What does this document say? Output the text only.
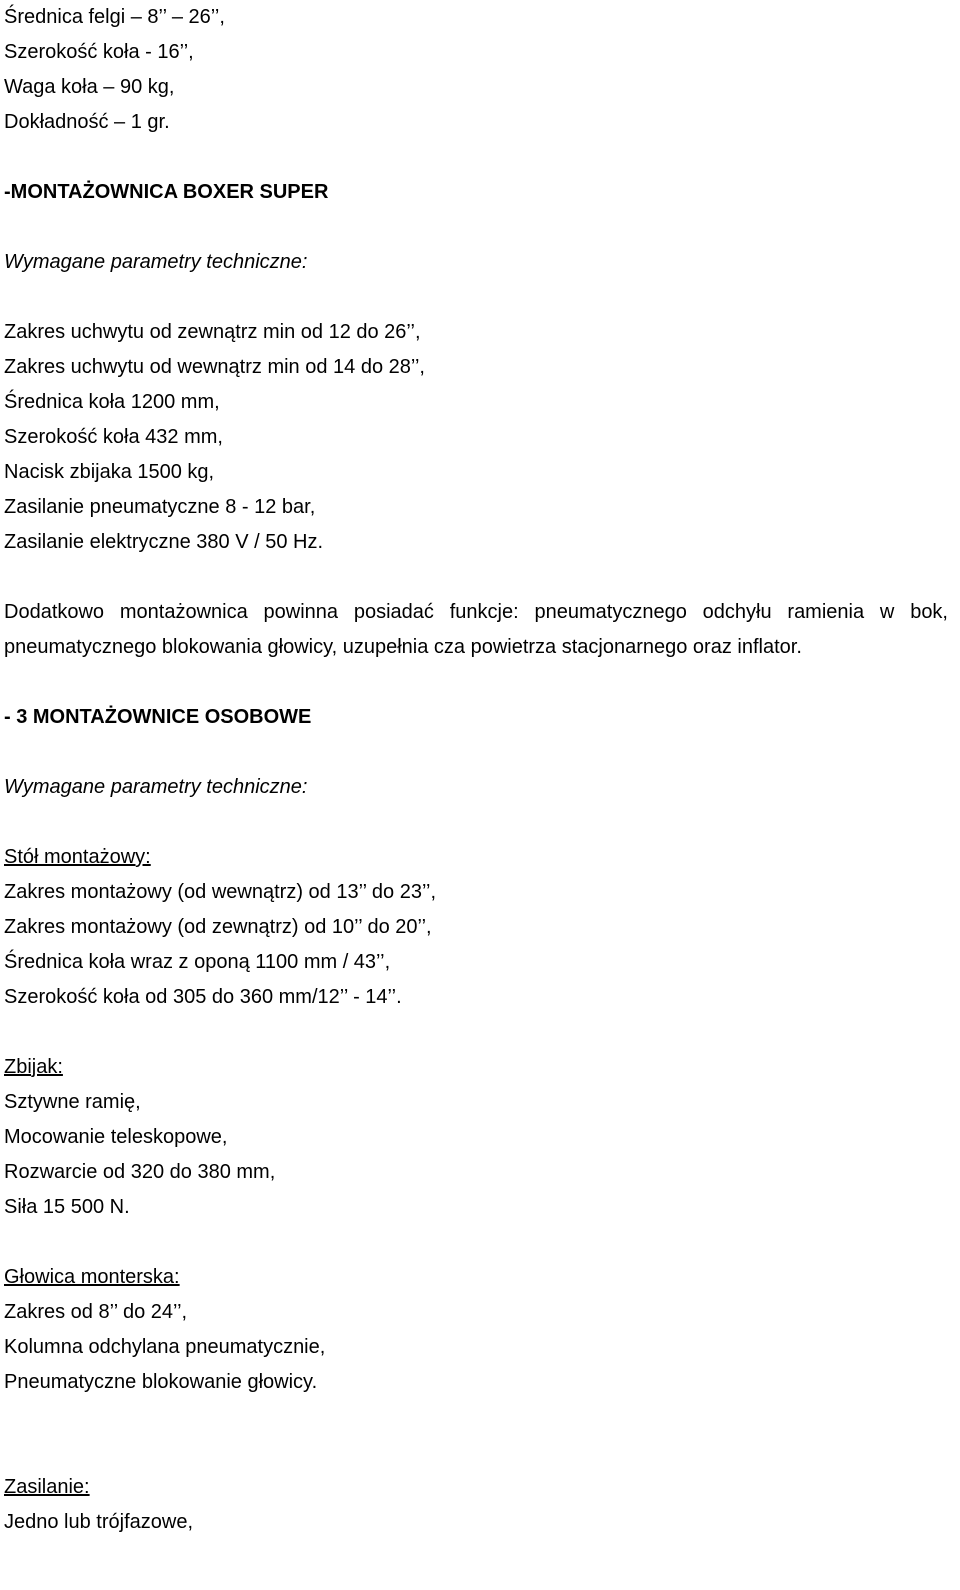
Średnica felgi – 8’’ – 26’’,
Szerokość koła - 16’’,
Waga koła – 90 kg,
Dokładność – 1 gr.
-MONTAŻOWNICA BOXER SUPER
Wymagane parametry techniczne:
Zakres uchwytu od zewnątrz min od 12 do 26’’,
Zakres uchwytu od wewnątrz min od 14 do 28’’,
Średnica koła 1200 mm,
Szerokość koła 432 mm,
Nacisk zbijaka 1500 kg,
Zasilanie pneumatyczne 8 - 12 bar,
Zasilanie elektryczne 380 V / 50 Hz.
Dodatkowo montażownica powinna posiadać funkcje: pneumatycznego odchyłu ramienia w bok, pneumatycznego blokowania głowicy, uzupełnia cza powietrza stacjonarnego oraz inflator.
- 3 MONTAŻOWNICE OSOBOWE
Wymagane parametry techniczne:
Stół montażowy:
Zakres montażowy (od wewnątrz) od 13’’ do 23’’,
Zakres montażowy (od zewnątrz) od 10’’ do 20’’,
Średnica koła wraz z oponą 1100 mm / 43’’,
Szerokość koła od 305 do 360 mm/12’’ - 14’’.
Zbijak:
Sztywne ramię,
Mocowanie teleskopowe,
Rozwarcie od 320 do 380 mm,
Siła 15 500 N.
Głowica monterska:
Zakres od 8’’ do 24’’,
Kolumna odchylana pneumatycznie,
Pneumatyczne blokowanie głowicy.
Zasilanie:
Jedno lub trójfazowe,
